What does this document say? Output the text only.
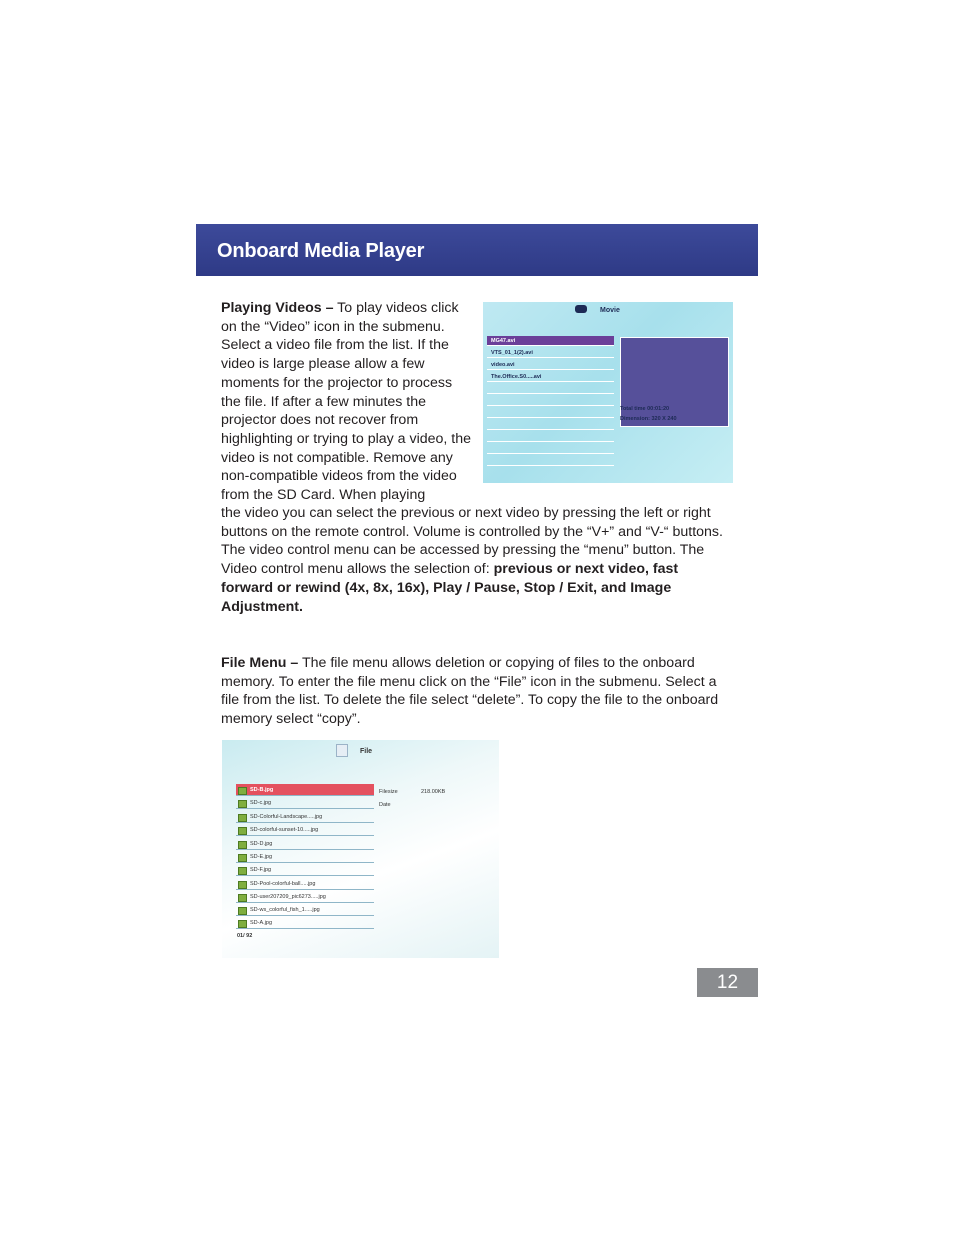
Onboard Media Player
Playing Videos – To play videos click on the “Video” icon in the submenu. Select a video file from the list. If the video is large please allow a few moments for the projector to process the file. If after a few minutes the projector does not recover from highlighting or trying to play a video, the video is not compatible. Remove any non-compatible videos from the video from the SD Card. When playing
Movie
MG47.avi
VTS_01_1(2).avi
video.avi
The.Office.S0.....avi
Total time 00:01:20
Dimension: 320 X 240
the video you can select the previous or next video by pressing the left or right buttons on the remote control. Volume is controlled by the “V+” and “V-“ buttons. The video control menu can be accessed by pressing the “menu” button. The Video control menu allows the selection of: previous or next video, fast forward or rewind (4x, 8x, 16x), Play / Pause, Stop / Exit, and Image Adjustment.
File Menu – The file menu allows deletion or copying of files to the onboard memory. To enter the file menu click on the “File” icon in the submenu. Select a file from the list. To delete the file select “delete”. To copy the file to the onboard memory select “copy”.
File
SD-B.jpg
SD-c.jpg
SD-Colorful-Landscape.....jpg
SD-colorful-sunset-10.....jpg
SD-D.jpg
SD-E.jpg
SD-F.jpg
SD-Pool-colorful-ball.....jpg
SD-user207209_pic6273.....jpg
SD-ws_colorful_fish_1.....jpg
SD-A.jpg
Filesize	218.00KB
Date
01/ 92
12
